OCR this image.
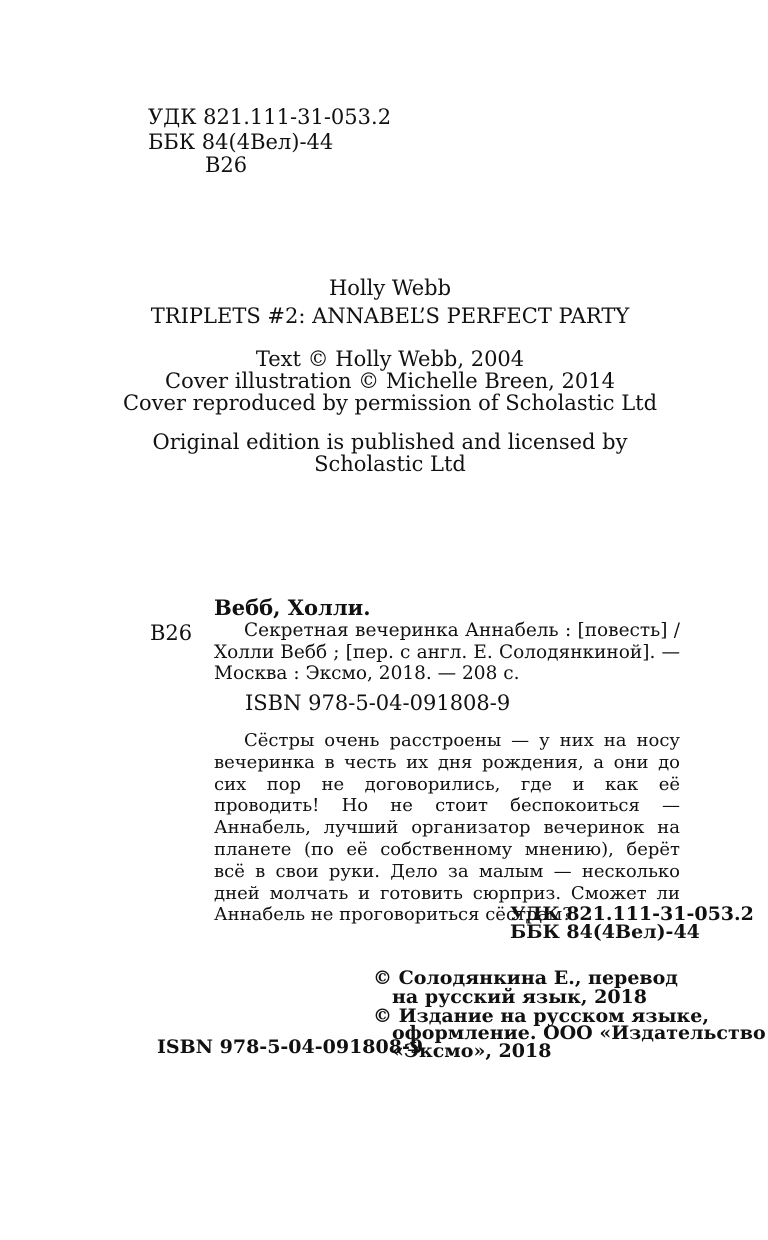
УДК 821.111-31-053.2
ББК 84(4Вел)-44
В26
Holly Webb
TRIPLETS #2: ANNABEL’S PERFECT PARTY
Text © Holly Webb, 2004
Cover illustration © Michelle Breen, 2014
Cover reproduced by permission of Scholastic Ltd
Original edition is published and licensed by
Scholastic Ltd
Вебб, Холли.
В26	Секретная вечеринка Аннабель : [повесть] / Холли Вебб ; [пер. с англ. Е. Солодянкиной]. — Москва : Эксмо, 2018. — 208 с.
ISBN 978-5-04-091808-9
Сёстры очень расстроены — у них на носу вечеринка в честь их дня рождения, а они до сих пор не договорились, где и как её проводить! Но не стоит беспокоиться — Аннабель, лучший организатор вечеринок на планете (по её собственному мнению), берёт всё в свои руки. Дело за малым — несколько дней молчать и готовить сюрприз. Сможет ли Аннабель не проговориться сёстрам?
УДК 821.111-31-053.2
ББК 84(4Вел)-44
© Солодянкина Е., перевод
на русский язык, 2018
© Издание на русском языке,
оформление. ООО «Издательство
«Эксмо», 2018
ISBN 978-5-04-091808-9
